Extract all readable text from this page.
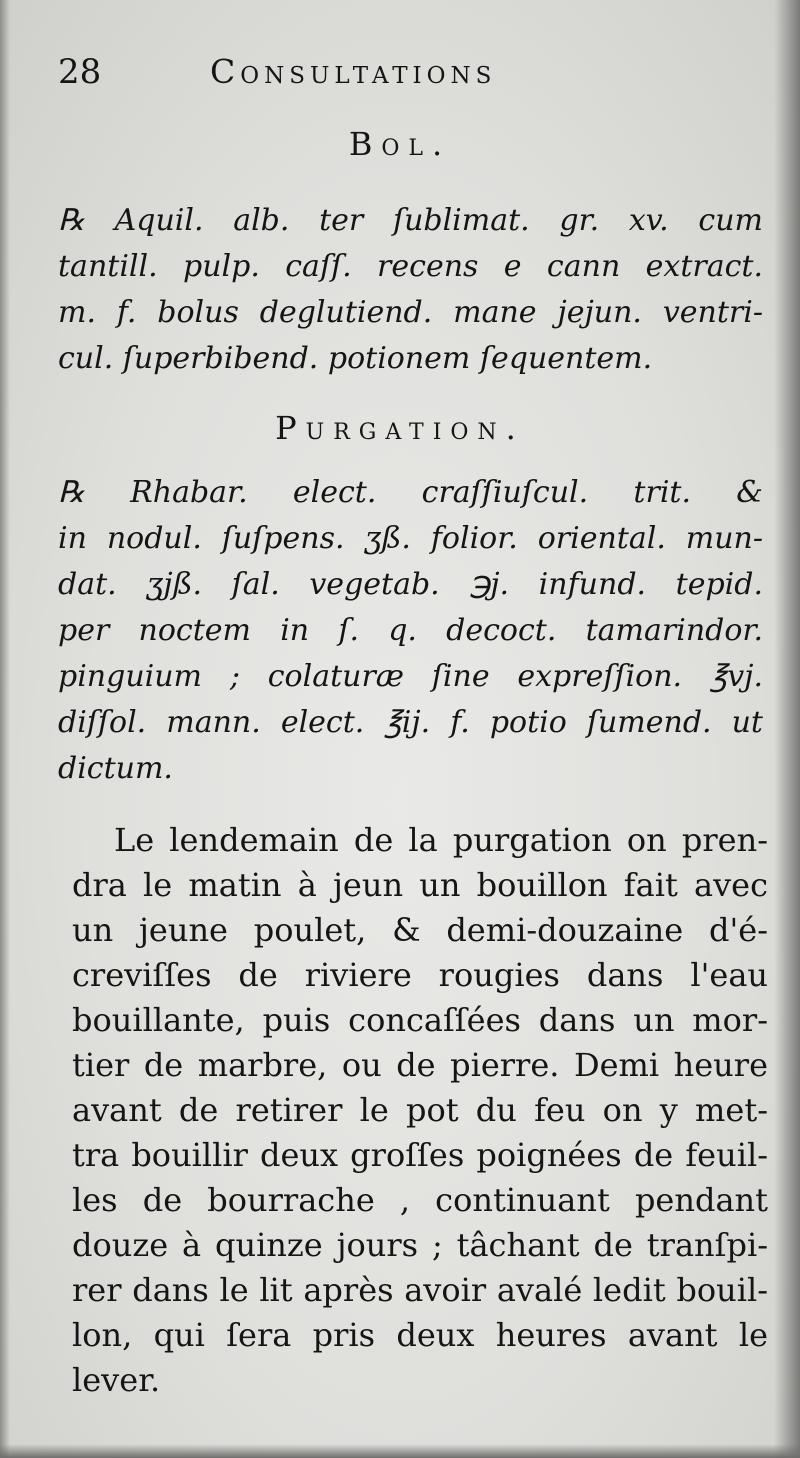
28	Consultations
Bol.
℞ Aquil. alb. ter ſublimat. gr. xv. cum
tantill. pulp. caſſ. recens e cann extract.
m. f. bolus deglutiend. mane jejun. ventri-
cul. ſuperbibend. potionem ſequentem.
Purgation.
℞ Rhabar. elect. craſſiuſcul. trit. &
in nodul. ſuſpens. ʒß. folior. oriental. mun-
dat. ʒjß. ſal. vegetab. ℈j. infund. tepid.
per noctem in ſ. q. decoct. tamarindor.
pinguium ; colaturæ ſine expreſſion. ℥vj.
diſſol. mann. elect. ℥ij. f. potio ſumend. ut
dictum.
Le lendemain de la purgation on pren-
dra le matin à jeun un bouillon fait avec
un jeune poulet, & demi-douzaine d'é-
creviſſes de riviere rougies dans l'eau
bouillante, puis concaſſées dans un mor-
tier de marbre, ou de pierre. Demi heure
avant de retirer le pot du feu on y met-
tra bouillir deux groſſes poignées de feuil-
les de bourrache , continuant pendant
douze à quinze jours ; tâchant de tranſpi-
rer dans le lit après avoir avalé ledit bouil-
lon, qui ſera pris deux heures avant le
lever.
